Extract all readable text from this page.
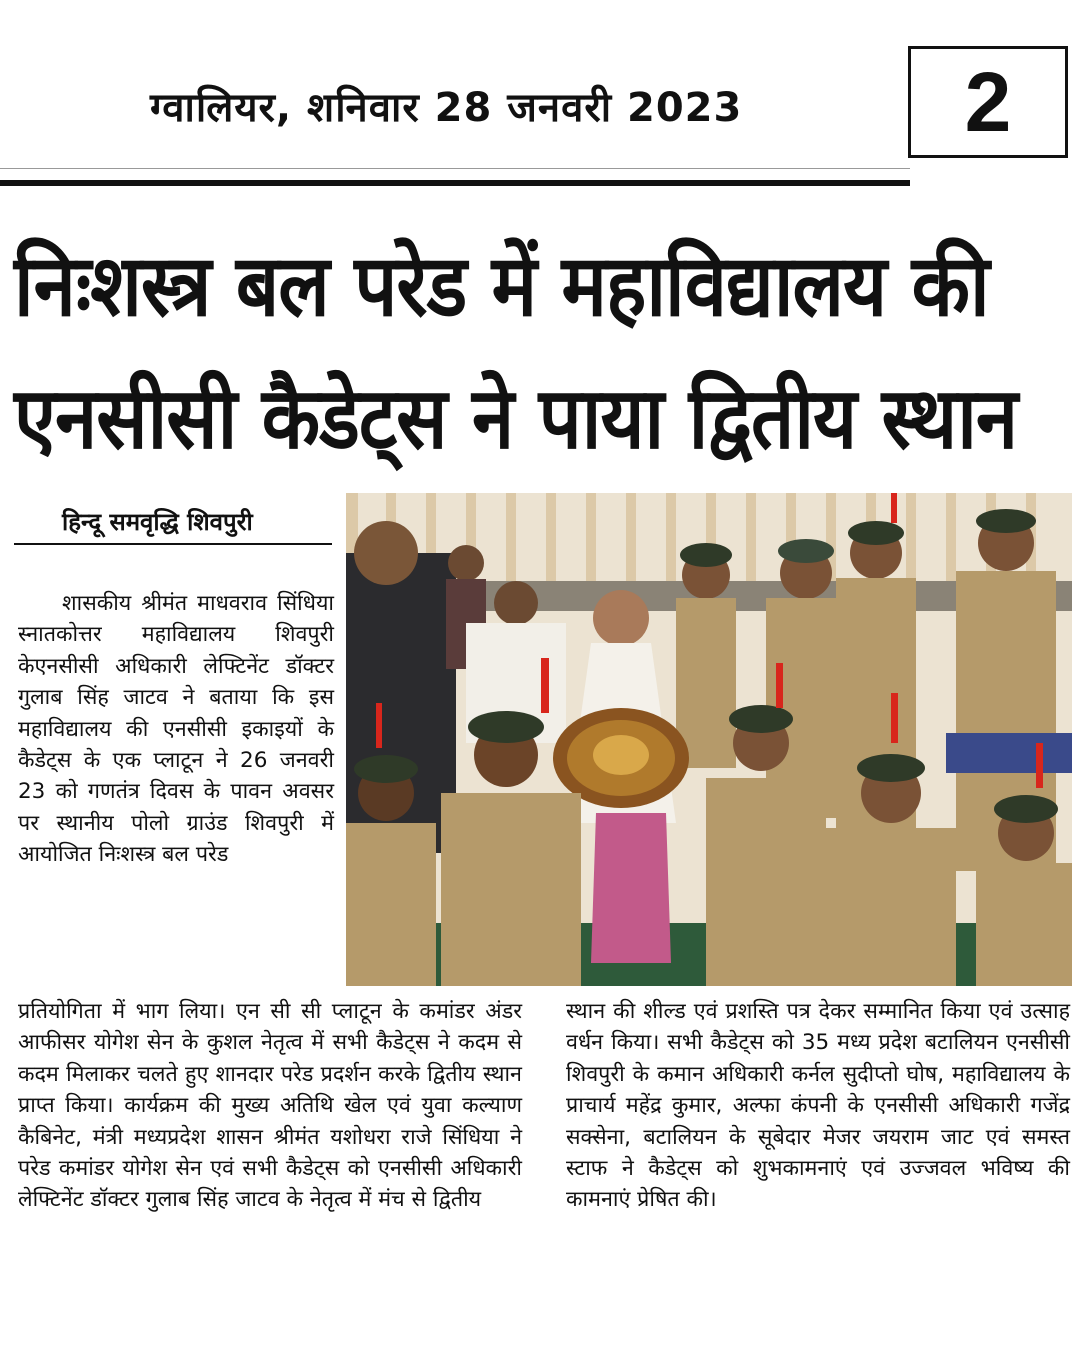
ग्वालियर, शनिवार 28 जनवरी 2023	2
निःशस्त्र बल परेड में महाविद्यालय की
एनसीसी कैडेट्स ने पाया द्वितीय स्थान
हिन्दू समवृद्धि शिवपुरी

शासकीय श्रीमंत माधवराव सिंधिया स्नातकोत्तर महाविद्यालय शिवपुरी केएनसीसी अधिकारी लेफ्टिनेंट डॉक्टर गुलाब सिंह जाटव ने बताया कि इस महाविद्यालय की एनसीसी इकाइयों के कैडेट्स के एक प्लाटून ने 26 जनवरी 23 को गणतंत्र दिवस के पावन अवसर पर स्थानीय पोलो ग्राउंड शिवपुरी में आयोजित निःशस्त्र बल परेड

प्रतियोगिता में भाग लिया। एन सी सी प्लाटून के कमांडर अंडर आफीसर योगेश सेन के कुशल नेतृत्व में सभी कैडेट्स ने कदम से कदम मिलाकर चलते हुए शानदार परेड प्रदर्शन करके द्वितीय स्थान प्राप्त किया। कार्यक्रम की मुख्य अतिथि खेल एवं युवा कल्याण कैबिनेट, मंत्री मध्यप्रदेश शासन श्रीमंत यशोधरा राजे सिंधिया ने परेड कमांडर योगेश सेन एवं सभी कैडेट्स को एनसीसी अधिकारी लेफ्टिनेंट डॉक्टर गुलाब सिंह जाटव के नेतृत्व में मंच से द्वितीय

स्थान की शील्ड एवं प्रशस्ति पत्र देकर सम्मानित किया एवं उत्साह वर्धन किया। सभी कैडेट्स को 35 मध्य प्रदेश बटालियन एनसीसी शिवपुरी के कमान अधिकारी कर्नल सुदीप्तो घोष, महाविद्यालय के प्राचार्य महेंद्र कुमार, अल्फा कंपनी के एनसीसी अधिकारी गजेंद्र सक्सेना, बटालियन के सूबेदार मेजर जयराम जाट एवं समस्त स्टाफ ने कैडेट्स को शुभकामनाएं एवं उज्जवल भविष्य की कामनाएं प्रेषित की।
